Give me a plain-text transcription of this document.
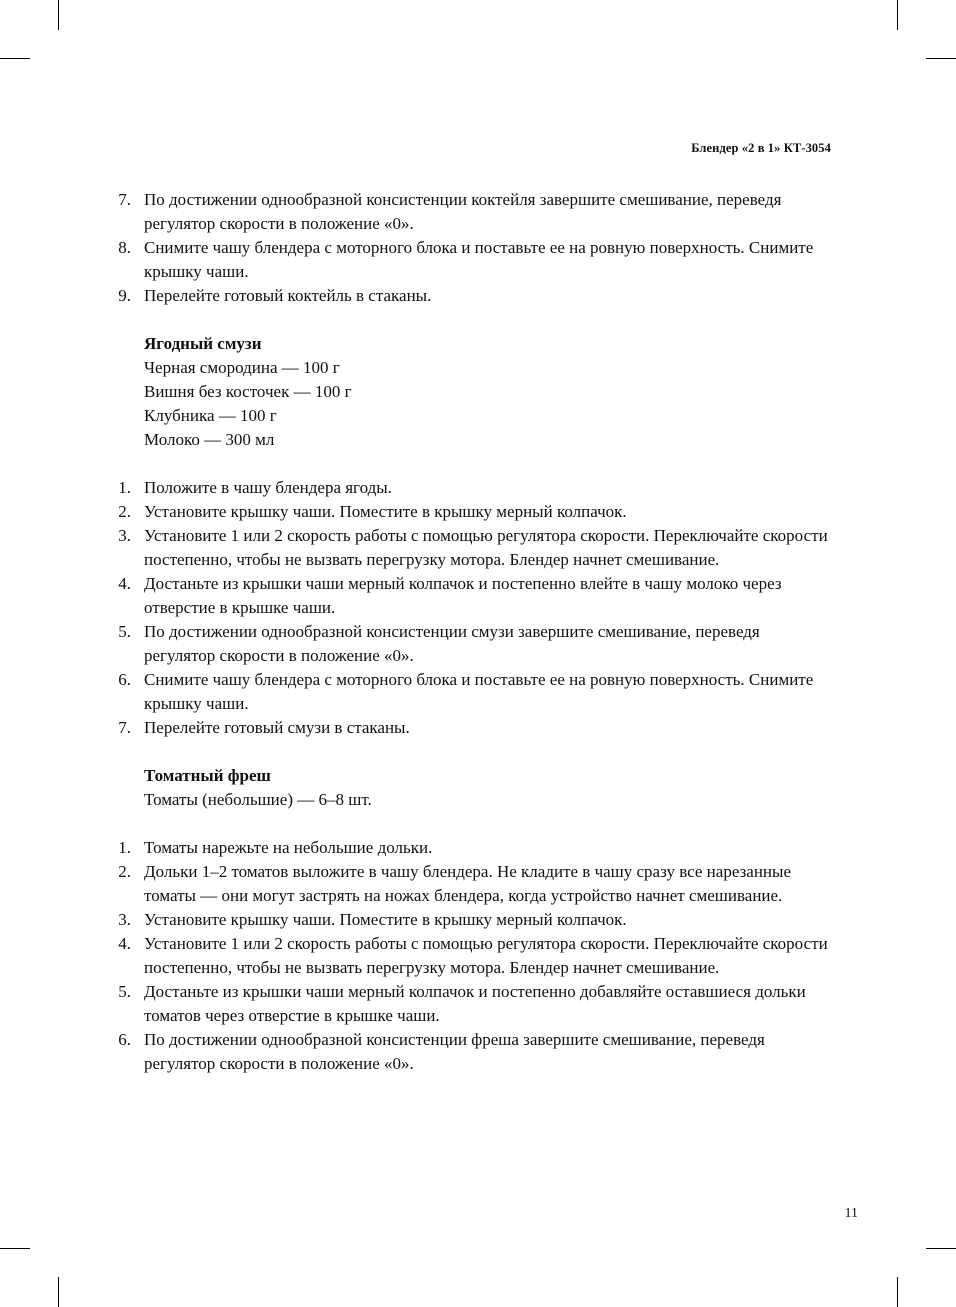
Блендер «2 в 1» КТ-3054
7. По достижении однообразной консистенции коктейля завершите смешивание, переведя регулятор скорости в положение «0».
8. Снимите чашу блендера с моторного блока и поставьте ее на ровную поверхность. Снимите крышку чаши.
9. Перелейте готовый коктейль в стаканы.
Ягодный смузи
Черная смородина — 100 г
Вишня без косточек — 100 г
Клубника — 100 г
Молоко — 300 мл
1. Положите в чашу блендера ягоды.
2. Установите крышку чаши. Поместите в крышку мерный колпачок.
3. Установите 1 или 2 скорость работы с помощью регулятора скорости. Переключайте скорости постепенно, чтобы не вызвать перегрузку мотора. Блендер начнет смешивание.
4. Достаньте из крышки чаши мерный колпачок и постепенно влейте в чашу молоко через отверстие в крышке чаши.
5. По достижении однообразной консистенции смузи завершите смешивание, переведя регулятор скорости в положение «0».
6. Снимите чашу блендера с моторного блока и поставьте ее на ровную поверхность. Снимите крышку чаши.
7. Перелейте готовый смузи в стаканы.
Томатный фреш
Томаты (небольшие) — 6–8 шт.
1. Томаты нарежьте на небольшие дольки.
2. Дольки 1–2 томатов выложите в чашу блендера. Не кладите в чашу сразу все нарезанные томаты — они могут застрять на ножах блендера, когда устройство начнет смешивание.
3. Установите крышку чаши. Поместите в крышку мерный колпачок.
4. Установите 1 или 2 скорость работы с помощью регулятора скорости. Переключайте скорости постепенно, чтобы не вызвать перегрузку мотора. Блендер начнет смешивание.
5. Достаньте из крышки чаши мерный колпачок и постепенно добавляйте оставшиеся дольки томатов через отверстие в крышке чаши.
6. По достижении однообразной консистенции фреша завершите смешивание, переведя регулятор скорости в положение «0».
11
